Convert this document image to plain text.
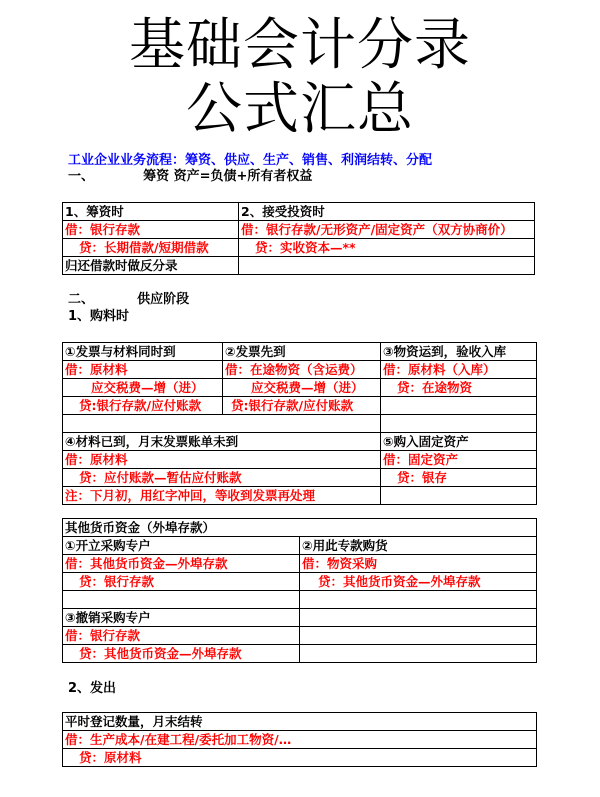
基础会计分录
公式汇总
工业企业业务流程：筹资、供应、生产、销售、利润结转、分配
一、	筹资 资产=负债+所有者权益
1、筹资时	2、接受投资时
借：银行存款	借：银行存款/无形资产/固定资产（双方协商价）
贷：长期借款/短期借款	贷：实收资本—**
归还借款时做反分录	
二、	供应阶段
1、购料时
①发票与材料同时到	②发票先到	③物资运到，验收入库
借：原材料	借：在途物资（含运费）	借：原材料（入库）
应交税费—增（进）	应交税费—增（进）	贷：在途物资
贷:银行存款/应付账款	贷:银行存款/应付账款	

④材料已到，月末发票账单未到		⑤购入固定资产
借：原材料		借：固定资产
贷：应付账款—暂估应付账款		贷：银存
注：下月初，用红字冲回，等收到发票再处理		
其他货币资金（外埠存款）	
①开立采购专户	②用此专款购货
借：其他货币资金—外埠存款	借：物资采购
贷：银行存款	贷：其他货币资金—外埠存款

③撤销采购专户	
借：银行存款	
贷：其他货币资金—外埠存款	
2、发出
平时登记数量，月末结转
借：生产成本/在建工程/委托加工物资/…
贷：原材料
